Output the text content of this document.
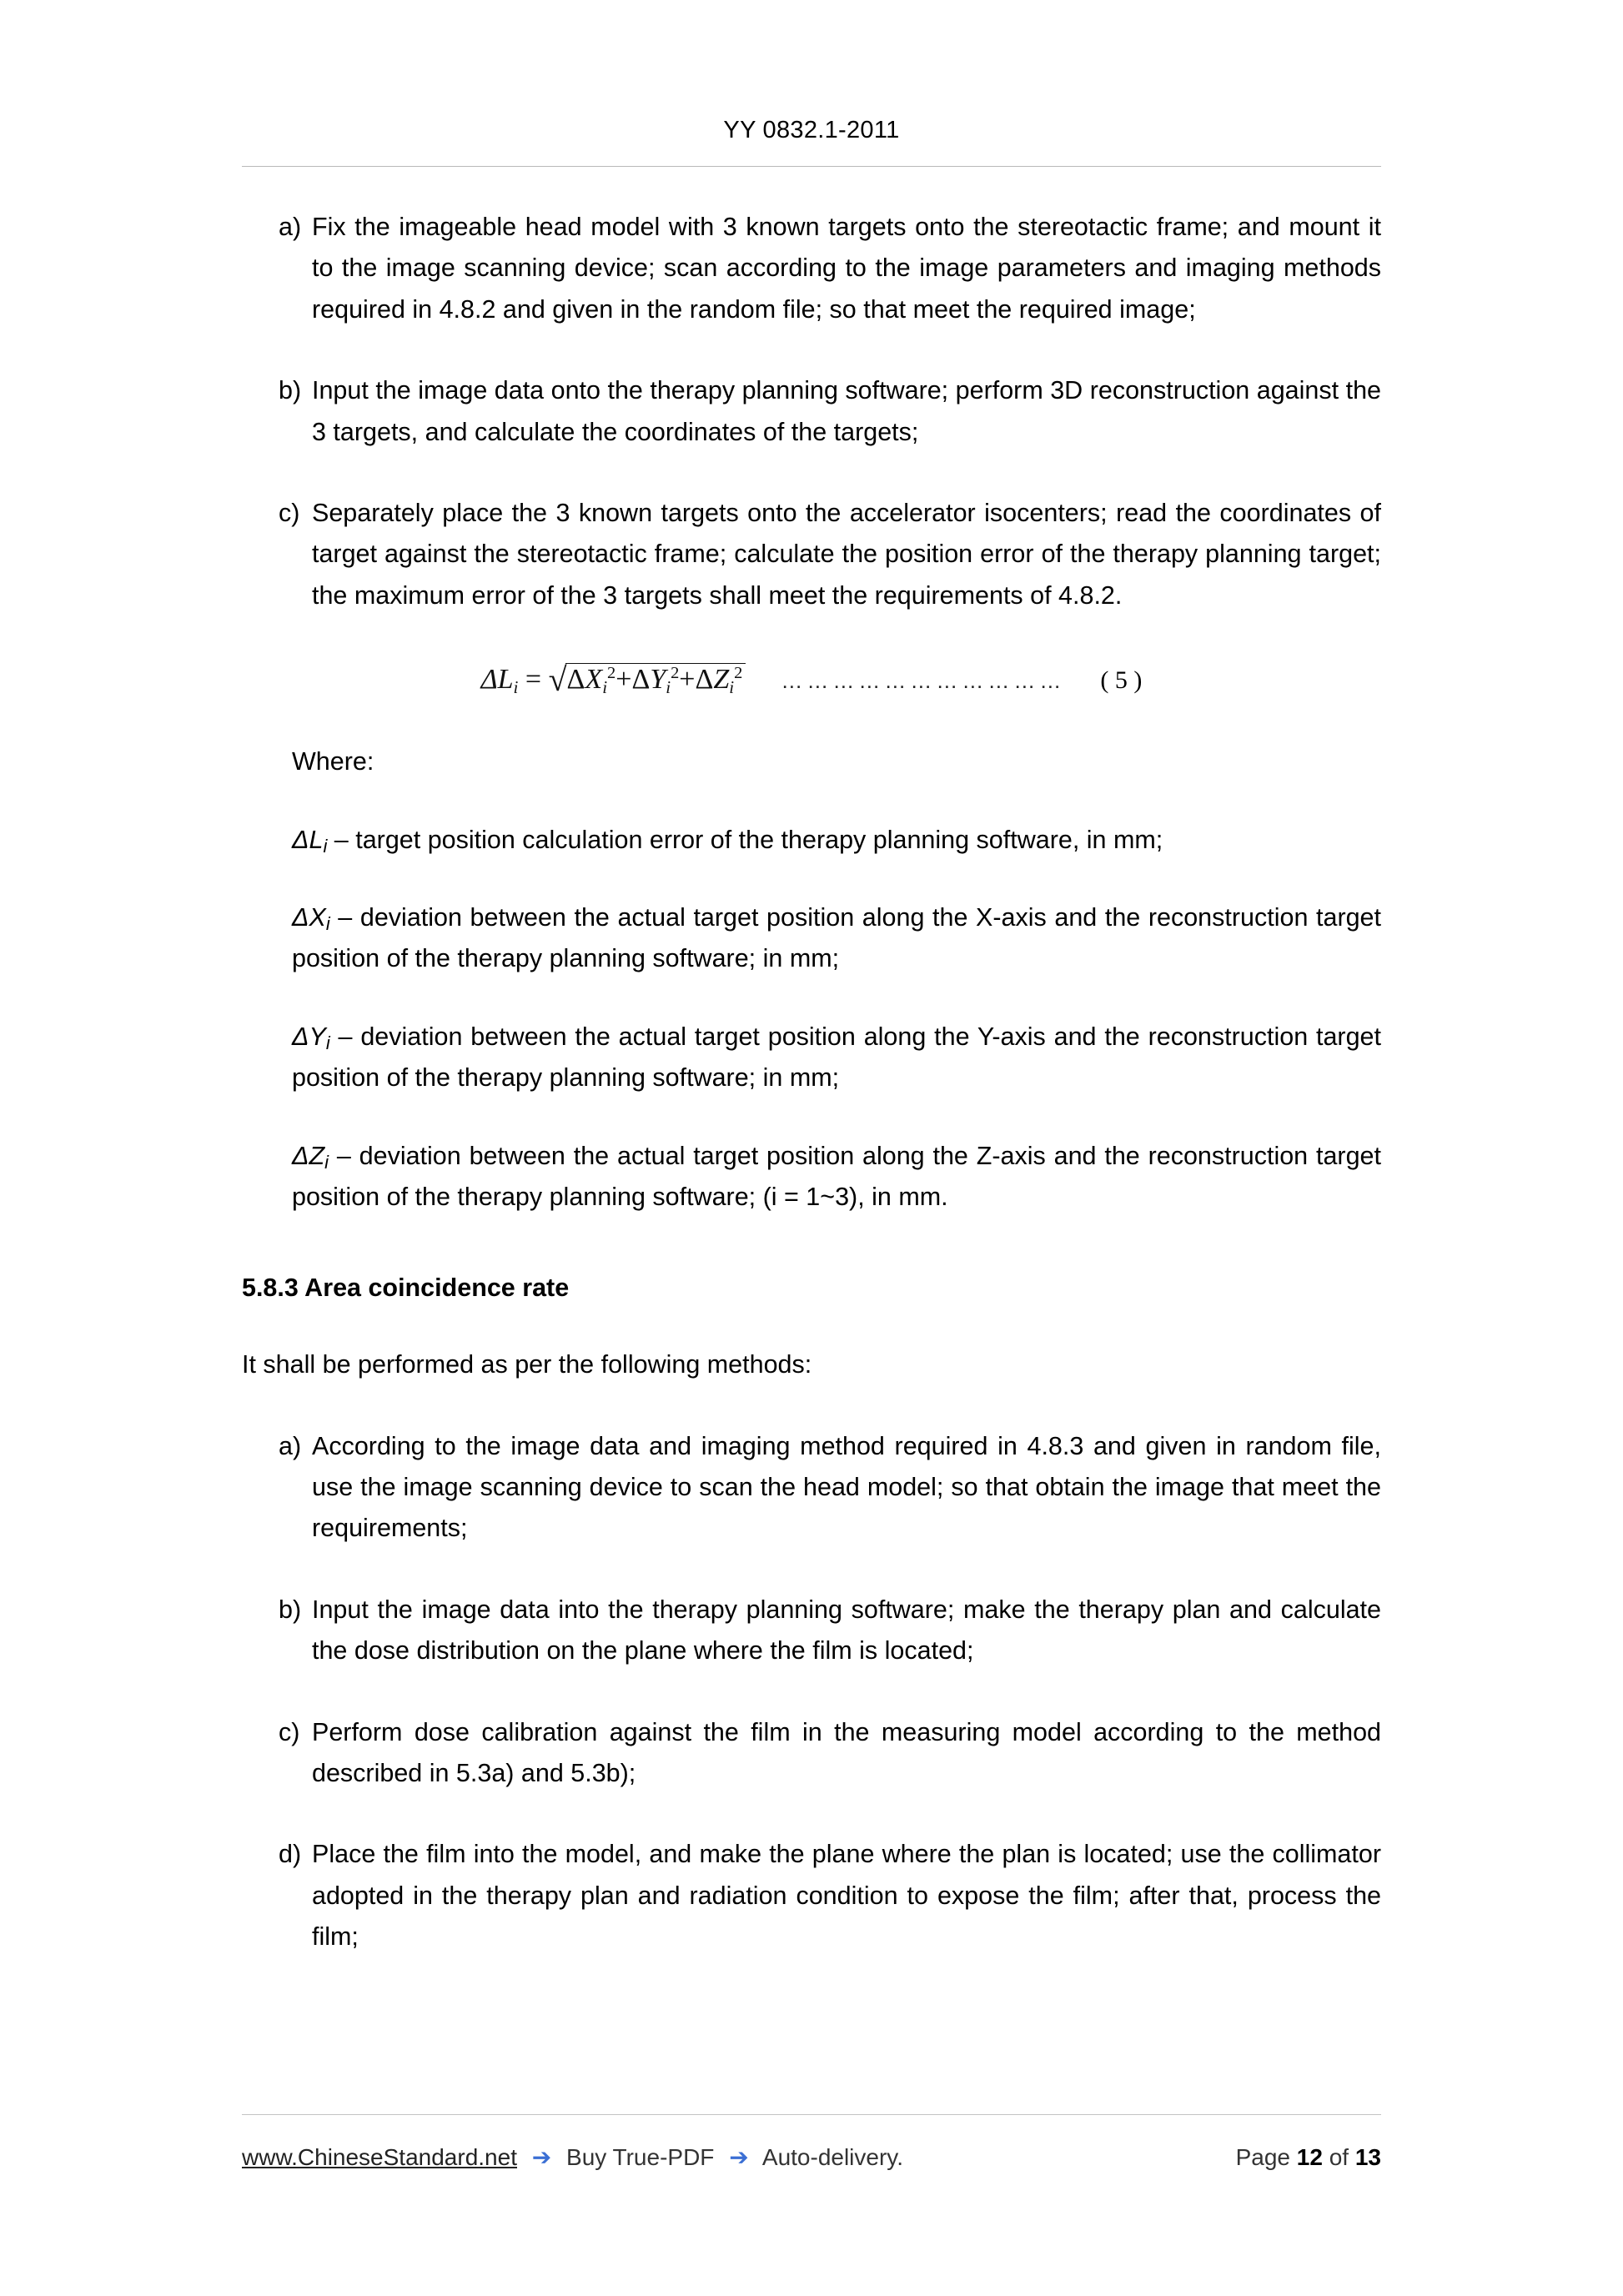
YY 0832.1-2011
a) Fix the imageable head model with 3 known targets onto the stereotactic frame; and mount it to the image scanning device; scan according to the image parameters and imaging methods required in 4.8.2 and given in the random file; so that meet the required image;
b) Input the image data onto the therapy planning software; perform 3D reconstruction against the 3 targets, and calculate the coordinates of the targets;
c) Separately place the 3 known targets onto the accelerator isocenters; read the coordinates of target against the stereotactic frame; calculate the position error of the therapy planning target; the maximum error of the 3 targets shall meet the requirements of 4.8.2.
$\Delta L_i = √\Delta X_i^2+\Delta Y_i^2+\Delta Z_i^2$ …………………………… ( 5 )

Where:

ΔLi – target position calculation error of the therapy planning software, in mm;

ΔXi – deviation between the actual target position along the X-axis and the reconstruction target position of the therapy planning software; in mm;

ΔYi – deviation between the actual target position along the Y-axis and the reconstruction target position of the therapy planning software; in mm;

ΔZi – deviation between the actual target position along the Z-axis and the reconstruction target position of the therapy planning software; (i = 1~3), in mm.

5.8.3 Area coincidence rate

It shall be performed as per the following methods:

a) According to the image data and imaging method required in 4.8.3 and given in random file, use the image scanning device to scan the head model; so that obtain the image that meet the requirements;
b) Input the image data into the therapy planning software; make the therapy plan and calculate the dose distribution on the plane where the film is located;
c) Perform dose calibration against the film in the measuring model according to the method described in 5.3a) and 5.3b);
d) Place the film into the model, and make the plane where the plan is located; use the collimator adopted in the therapy plan and radiation condition to expose the film; after that, process the film;
www.ChineseStandard.net ➔ Buy True-PDF ➔ Auto-delivery.	Page 12 of 13
